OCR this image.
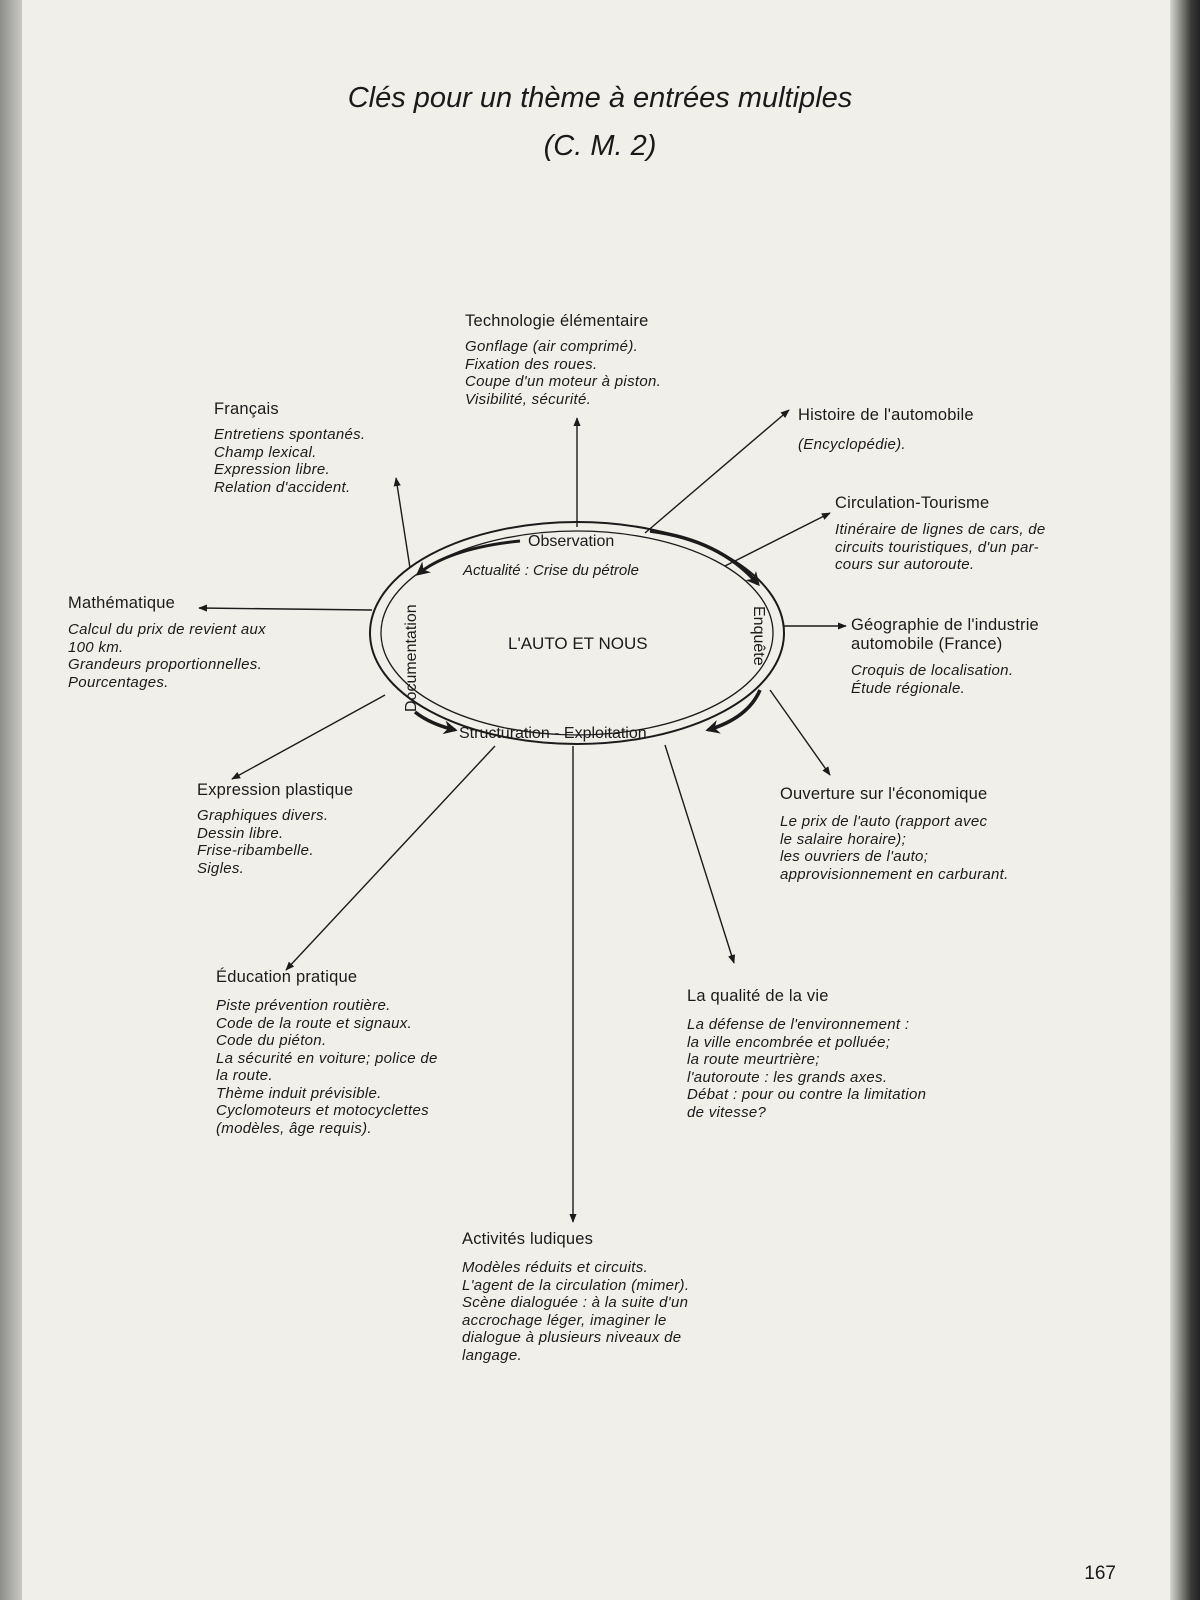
Clés pour un thème à entrées multiples
(C. M. 2)
Observation
Actualité : Crise du pétrole
L'AUTO ET NOUS
Structuration - Exploitation
Documentation	Enquête
Technologie élémentaire
Gonflage (air comprimé).
Fixation des roues.
Coupe d'un moteur à piston.
Visibilité, sécurité.
Français
Entretiens spontanés.
Champ lexical.
Expression libre.
Relation d'accident.
Histoire de l'automobile
(Encyclopédie).
Circulation-Tourisme
Itinéraire de lignes de cars, de
circuits touristiques, d'un par-
cours sur autoroute.
Mathématique
Calcul du prix de revient aux
100 km.
Grandeurs proportionnelles.
Pourcentages.
Géographie de l'industrie
automobile (France)
Croquis de localisation.
Étude régionale.
Expression plastique
Graphiques divers.
Dessin libre.
Frise-ribambelle.
Sigles.
Ouverture sur l'économique
Le prix de l'auto (rapport avec
le salaire horaire);
les ouvriers de l'auto;
approvisionnement en carburant.
Éducation pratique
Piste prévention routière.
Code de la route et signaux.
Code du piéton.
La sécurité en voiture; police de
la route.
Thème induit prévisible.
Cyclomoteurs et motocyclettes
(modèles, âge requis).
La qualité de la vie
La défense de l'environnement :
la ville encombrée et polluée;
la route meurtrière;
l'autoroute : les grands axes.
Débat : pour ou contre la limitation
de vitesse?
Activités ludiques
Modèles réduits et circuits.
L'agent de la circulation (mimer).
Scène dialoguée : à la suite d'un
accrochage léger, imaginer le
dialogue à plusieurs niveaux de
langage.
167
